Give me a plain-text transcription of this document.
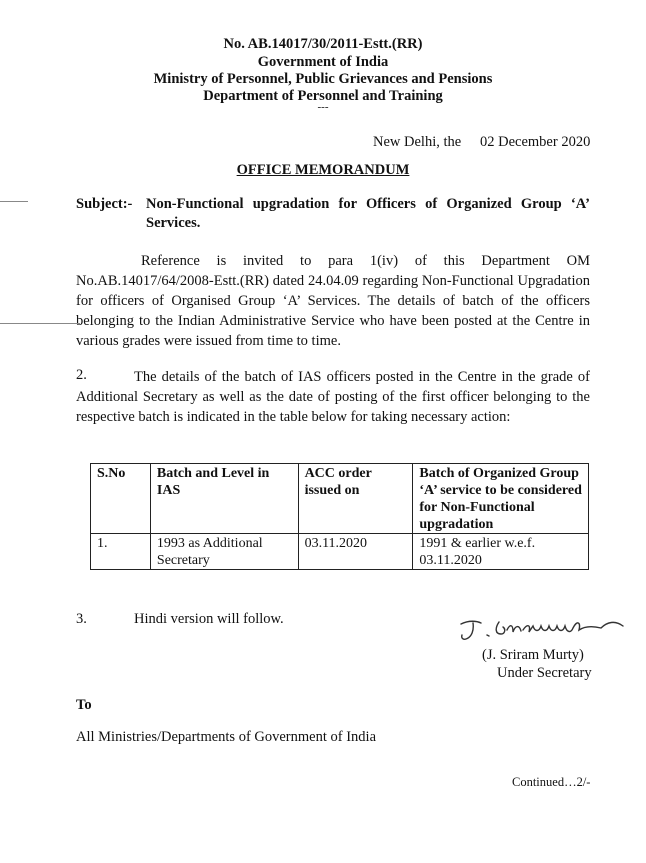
No. AB.14017/30/2011-Estt.(RR)
Government of India
Ministry of Personnel, Public Grievances and Pensions
Department of Personnel and Training
---
New Delhi, the 02 December 2020
OFFICE MEMORANDUM
Subject:- Non-Functional upgradation for Officers of Organized Group ‘A’
Services.
Reference is invited to para 1(iv) of this Department OM
No.AB.14017/64/2008-Estt.(RR) dated 24.04.09 regarding Non-Functional Upgradation
for officers of Organised Group ‘A’ Services. The details of batch of the officers
belonging to the Indian Administrative Service who have been posted at the Centre in
various grades were issued from time to time.
2.	The details of the batch of IAS officers posted in the Centre in the grade of
Additional Secretary as well as the date of posting of the first officer belonging to the
respective batch is indicated in the table below for taking necessary action:
S.No	Batch and Level in IAS	ACC order issued on	Batch of Organized Group ‘A’ service to be considered for Non-Functional upgradation
1.	1993 as Additional Secretary	03.11.2020	1991 & earlier w.e.f. 03.11.2020
3.	Hindi version will follow.
(J. Sriram Murty)
Under Secretary
To
All Ministries/Departments of Government of India
Continued…2/-
